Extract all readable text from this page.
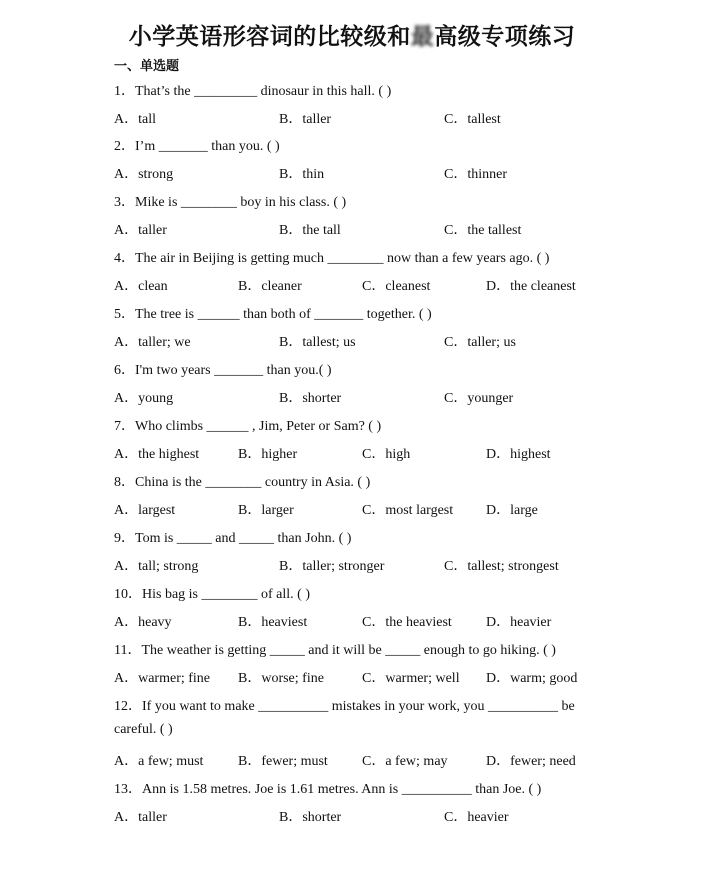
小学英语形容词的比较级和最高级专项练习
一、单选题
1．That’s the _________ dinosaur in this hall. ( )
A．tall	B．taller	C．tallest
2．I’m _______ than you. ( )
A．strong	B．thin	C．thinner
3．Mike is ________ boy in his class. ( )
A．taller	B．the tall	C．the tallest
4．The air in Beijing is getting much ________ now than a few years ago. ( )
A．clean	B．cleaner	C．cleanest	D．the cleanest
5．The tree is ______ than both of _______ together. ( )
A．taller; we	B．tallest; us	C．taller; us
6．I'm two years _______ than you.( )
A．young	B．shorter	C．younger
7．Who climbs ______ , Jim, Peter or Sam? ( )
A．the highest	B．higher	C．high	D．highest
8．China is the ________ country in Asia. ( )
A．largest	B．larger	C．most largest D．large
9．Tom is _____ and _____ than John. ( )
A．tall; strong	B．taller; stronger	C．tallest; strongest
10．His bag is ________ of all. ( )
A．heavy	B．heaviest	C．the heaviest D．heavier
11．The weather is getting _____ and it will be _____ enough to go hiking. ( )
A．warmer; fine B．worse; fine	C．warmer; well D．warm; good
12．If you want to make __________ mistakes in your work, you __________ be
careful. ( )
A．a few; must B．fewer; must C．a few; may	D．fewer; need
13．Ann is 1.58 metres. Joe is 1.61 metres. Ann is __________ than Joe. ( )
A．taller	B．shorter	C．heavier
